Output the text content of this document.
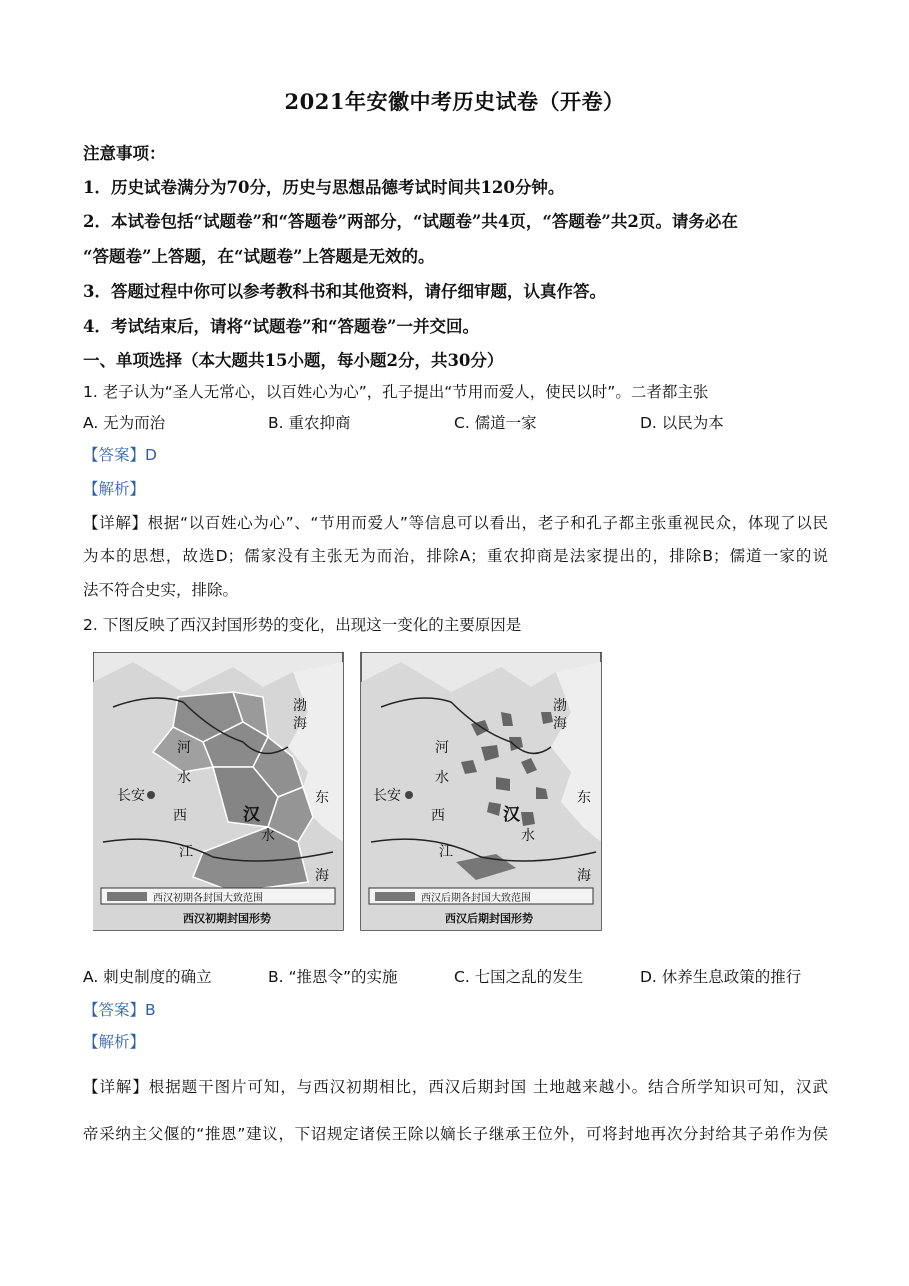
2021年安徽中考历史试卷（开卷）
注意事项：
1．历史试卷满分为70分，历史与思想品德考试时间共120分钟。
2．本试卷包括“试题卷”和“答题卷”两部分，“试题卷”共4页，“答题卷”共2页。请务必在
“答题卷”上答题，在“试题卷”上答题是无效的。
3．答题过程中你可以参考教科书和其他资料，请仔细审题，认真作答。
4．考试结束后，请将“试题卷”和“答题卷”一并交回。
一、单项选择（本大题共15小题，每小题2分，共30分）
1. 老子认为“圣人无常心，以百姓心为心”，孔子提出“节用而爱人，使民以时”。二者都主张
A. 无为而治	B. 重农抑商	C. 儒道一家	D. 以民为本
【答案】D
【解析】
【详解】根据“以百姓心为心”、“节用而爱人”等信息可以看出，老子和孔子都主张重视民众，体现了以民
为本的思想，故选D；儒家没有主张无为而治，排除A；重农抑商是法家提出的，排除B；儒道一家的说
法不符合史实，排除。
2. 下图反映了西汉封国形势的变化，出现这一变化的主要原因是
渤
海
河
水
长安
西	汉
水
江
东
海
西汉初期各封国大致范围
西汉初期封国形势
渤
海
河
水
长安
西	汉
水
江
东
海
西汉后期各封国大致范围
西汉后期封国形势
A. 刺史制度的确立	B. “推恩令”的实施	C. 七国之乱的发生	D. 休养生息政策的推行
【答案】B
【解析】
【详解】根据题干图片可知，与西汉初期相比，西汉后期封国 土地越来越小。结合所学知识可知，汉武
帝采纳主父偃的“推恩”建议，下诏规定诸侯王除以嫡长子继承王位外，可将封地再次分封给其子弟作为侯
